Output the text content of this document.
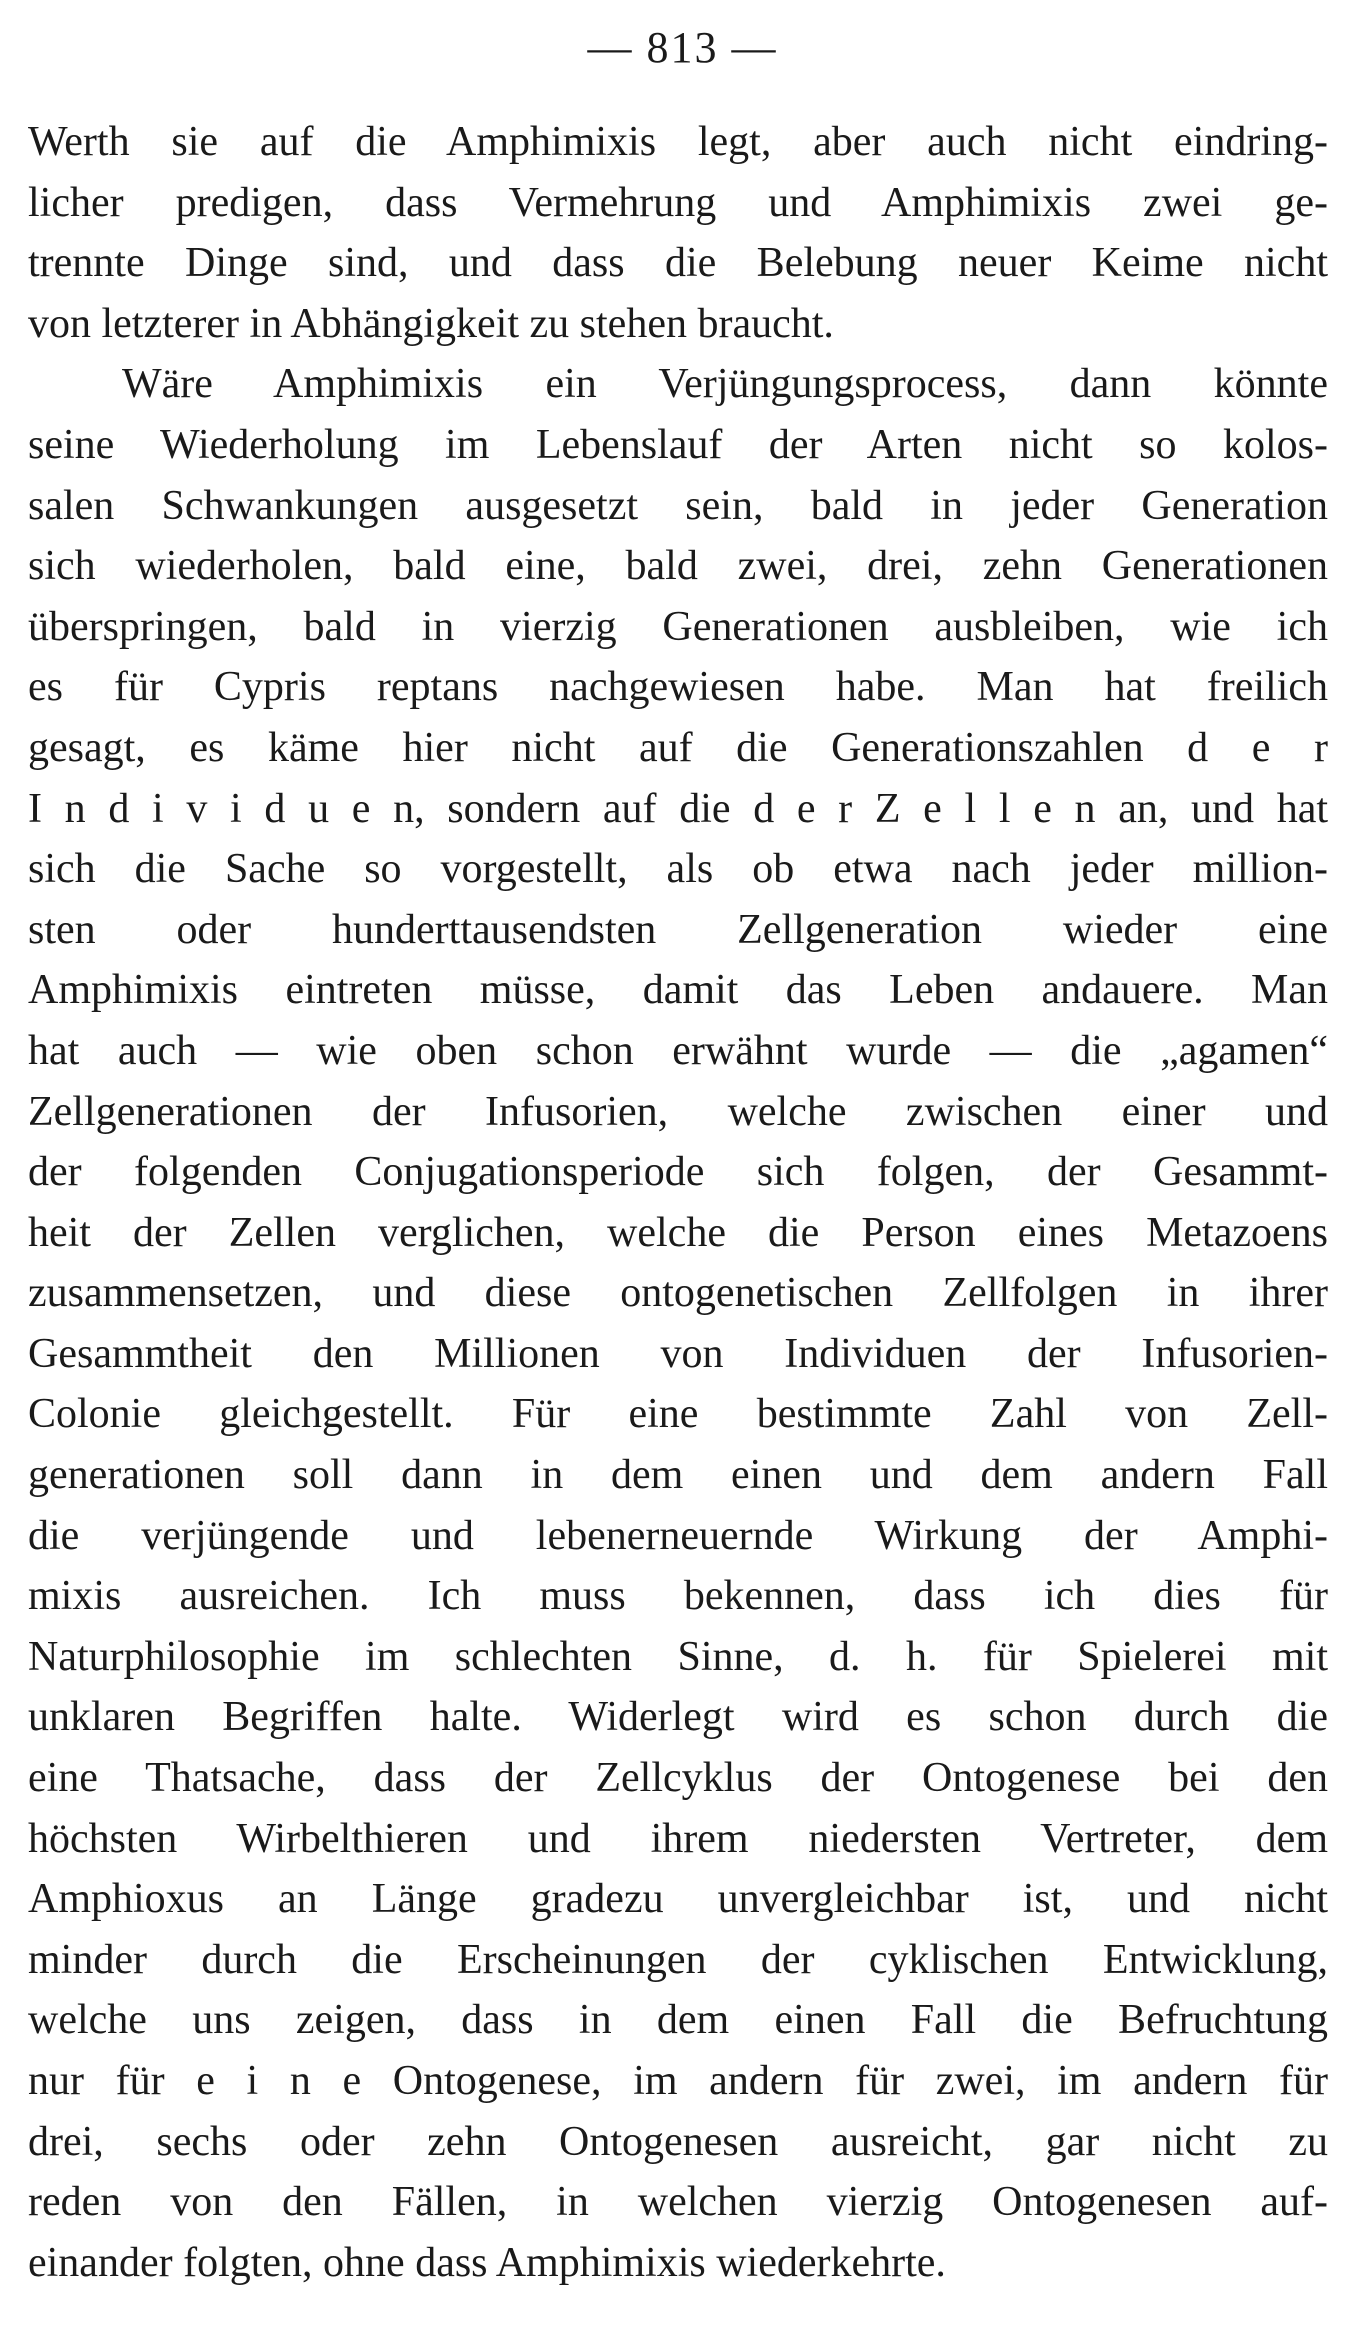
— 813 —
Werth sie auf die Amphimixis legt, aber auch nicht eindring-
licher predigen, dass Vermehrung und Amphimixis zwei ge-
trennte Dinge sind, und dass die Belebung neuer Keime nicht
von letzterer in Abhängigkeit zu stehen braucht.
Wäre Amphimixis ein Verjüngungsprocess, dann könnte
seine Wiederholung im Lebenslauf der Arten nicht so kolos-
salen Schwankungen ausgesetzt sein, bald in jeder Generation
sich wiederholen, bald eine, bald zwei, drei, zehn Generationen
überspringen, bald in vierzig Generationen ausbleiben, wie ich
es für Cypris reptans nachgewiesen habe. Man hat freilich
gesagt, es käme hier nicht auf die Generationszahlen d e r
I n d i v i d u e n, sondern auf die d e r Z e l l e n an, und hat
sich die Sache so vorgestellt, als ob etwa nach jeder million-
sten oder hunderttausendsten Zellgeneration wieder eine
Amphimixis eintreten müsse, damit das Leben andauere. Man
hat auch — wie oben schon erwähnt wurde — die „agamen“
Zellgenerationen der Infusorien, welche zwischen einer und
der folgenden Conjugationsperiode sich folgen, der Gesammt-
heit der Zellen verglichen, welche die Person eines Metazoens
zusammensetzen, und diese ontogenetischen Zellfolgen in ihrer
Gesammtheit den Millionen von Individuen der Infusorien-
Colonie gleichgestellt. Für eine bestimmte Zahl von Zell-
generationen soll dann in dem einen und dem andern Fall
die verjüngende und lebenerneuernde Wirkung der Amphi-
mixis ausreichen. Ich muss bekennen, dass ich dies für
Naturphilosophie im schlechten Sinne, d. h. für Spielerei mit
unklaren Begriffen halte. Widerlegt wird es schon durch die
eine Thatsache, dass der Zellcyklus der Ontogenese bei den
höchsten Wirbelthieren und ihrem niedersten Vertreter, dem
Amphioxus an Länge gradezu unvergleichbar ist, und nicht
minder durch die Erscheinungen der cyklischen Entwicklung,
welche uns zeigen, dass in dem einen Fall die Befruchtung
nur für e i n e Ontogenese, im andern für zwei, im andern für
drei, sechs oder zehn Ontogenesen ausreicht, gar nicht zu
reden von den Fällen, in welchen vierzig Ontogenesen auf-
einander folgten, ohne dass Amphimixis wiederkehrte.
